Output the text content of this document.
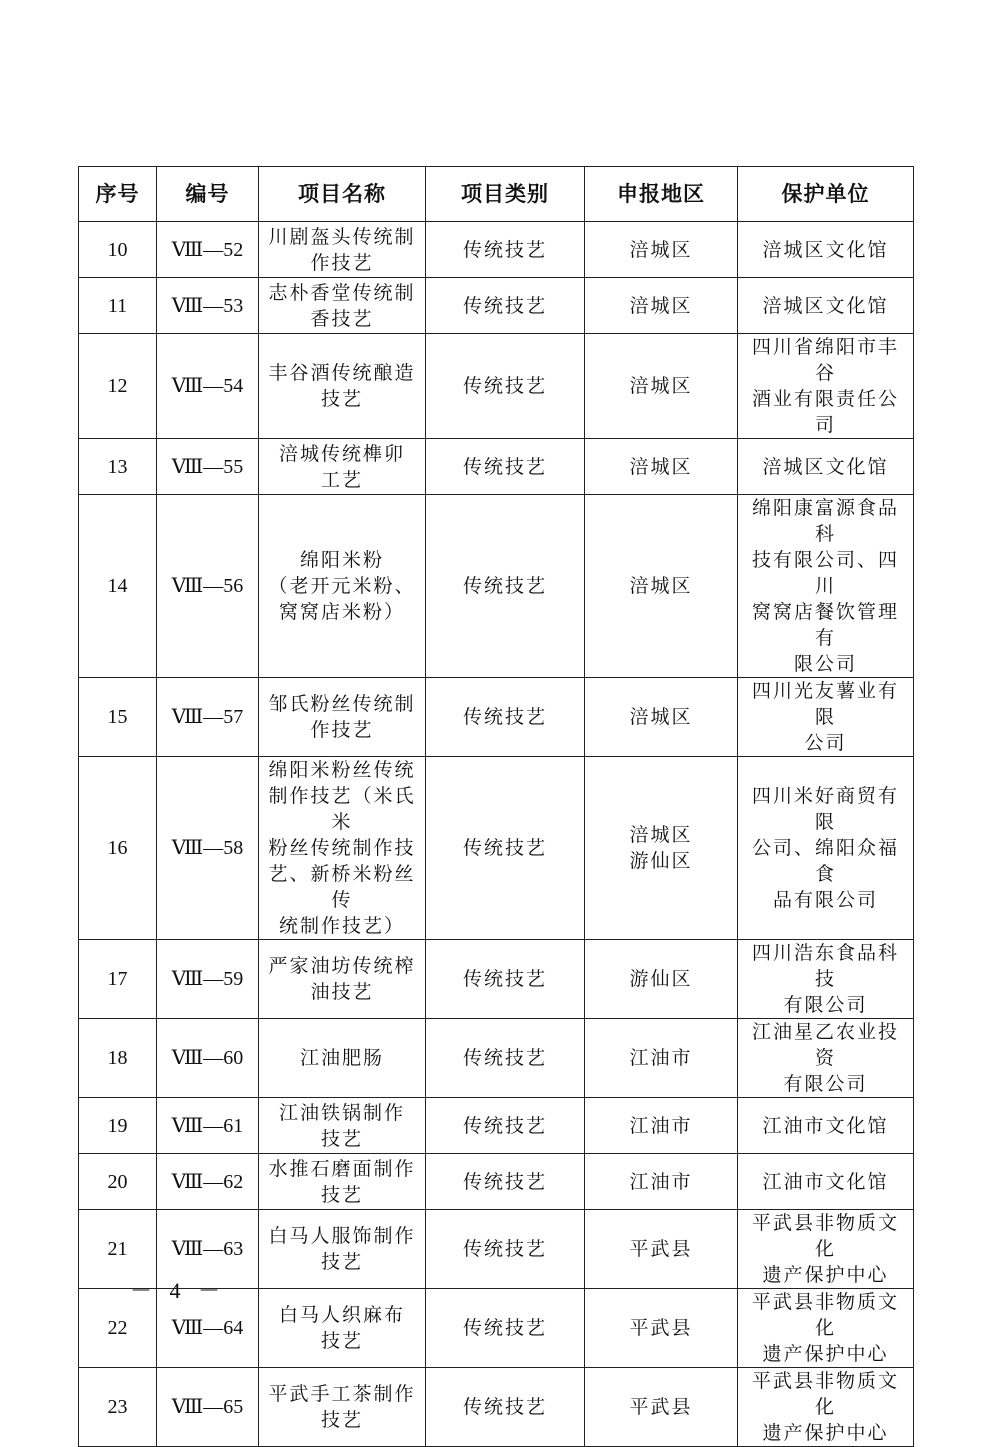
序号	编号	项目名称	项目类别	申报地区	保护单位
10	Ⅷ—52	川剧盔头传统制
作技艺	传统技艺	涪城区	涪城区文化馆

11	Ⅷ—53	志朴香堂传统制
香技艺	传统技艺	涪城区	涪城区文化馆

12	Ⅷ—54	丰谷酒传统酿造
技艺	传统技艺	涪城区	四川省绵阳市丰谷
酒业有限责任公司

13	Ⅷ—55	涪城传统榫卯
工艺	传统技艺	涪城区	涪城区文化馆

14	Ⅷ—56	绵阳米粉
（老开元米粉、
窝窝店米粉）	传统技艺	涪城区	绵阳康富源食品科
技有限公司、四川
窝窝店餐饮管理有
限公司

15	Ⅷ—57	邹氏粉丝传统制
作技艺	传统技艺	涪城区	四川光友薯业有限
公司

16	Ⅷ—58	绵阳米粉丝传统
制作技艺（米氏米
粉丝传统制作技
艺、新桥米粉丝传
统制作技艺）	传统技艺	涪城区
游仙区	四川米好商贸有限
公司、绵阳众福食
品有限公司

17	Ⅷ—59	严家油坊传统榨
油技艺	传统技艺	游仙区	四川浩东食品科技
有限公司

18	Ⅷ—60	江油肥肠	传统技艺	江油市	江油星乙农业投资
有限公司

19	Ⅷ—61	江油铁锅制作
技艺	传统技艺	江油市	江油市文化馆

20	Ⅷ—62	水推石磨面制作
技艺	传统技艺	江油市	江油市文化馆

21	Ⅷ—63	白马人服饰制作
技艺	传统技艺	平武县	平武县非物质文化
遗产保护中心

22	Ⅷ—64	白马人织麻布
技艺	传统技艺	平武县	平武县非物质文化
遗产保护中心

23	Ⅷ—65	平武手工茶制作
技艺	传统技艺	平武县	平武县非物质文化
遗产保护中心
－ 4 －
